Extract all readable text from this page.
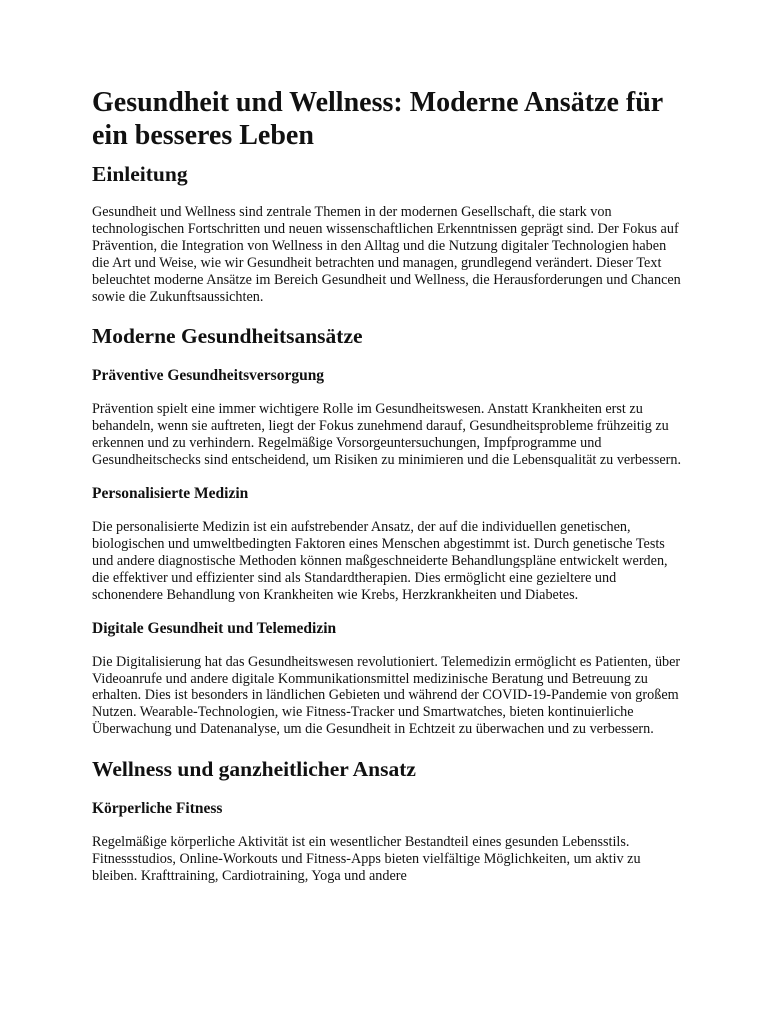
Gesundheit und Wellness: Moderne Ansätze für ein besseres Leben
Einleitung

Gesundheit und Wellness sind zentrale Themen in der modernen Gesellschaft, die stark von technologischen Fortschritten und neuen wissenschaftlichen Erkenntnissen geprägt sind. Der Fokus auf Prävention, die Integration von Wellness in den Alltag und die Nutzung digitaler Technologien haben die Art und Weise, wie wir Gesundheit betrachten und managen, grundlegend verändert. Dieser Text beleuchtet moderne Ansätze im Bereich Gesundheit und Wellness, die Herausforderungen und Chancen sowie die Zukunftsaussichten.

Moderne Gesundheitsansätze
Präventive Gesundheitsversorgung

Prävention spielt eine immer wichtigere Rolle im Gesundheitswesen. Anstatt Krankheiten erst zu behandeln, wenn sie auftreten, liegt der Fokus zunehmend darauf, Gesundheitsprobleme frühzeitig zu erkennen und zu verhindern. Regelmäßige Vorsorgeuntersuchungen, Impfprogramme und Gesundheitschecks sind entscheidend, um Risiken zu minimieren und die Lebensqualität zu verbessern.

Personalisierte Medizin

Die personalisierte Medizin ist ein aufstrebender Ansatz, der auf die individuellen genetischen, biologischen und umweltbedingten Faktoren eines Menschen abgestimmt ist. Durch genetische Tests und andere diagnostische Methoden können maßgeschneiderte Behandlungspläne entwickelt werden, die effektiver und effizienter sind als Standardtherapien. Dies ermöglicht eine gezieltere und schonendere Behandlung von Krankheiten wie Krebs, Herzkrankheiten und Diabetes.

Digitale Gesundheit und Telemedizin

Die Digitalisierung hat das Gesundheitswesen revolutioniert. Telemedizin ermöglicht es Patienten, über Videoanrufe und andere digitale Kommunikationsmittel medizinische Beratung und Betreuung zu erhalten. Dies ist besonders in ländlichen Gebieten und während der COVID-19-Pandemie von großem Nutzen. Wearable-Technologien, wie Fitness-Tracker und Smartwatches, bieten kontinuierliche Überwachung und Datenanalyse, um die Gesundheit in Echtzeit zu überwachen und zu verbessern.

Wellness und ganzheitlicher Ansatz
Körperliche Fitness

Regelmäßige körperliche Aktivität ist ein wesentlicher Bestandteil eines gesunden Lebensstils. Fitnessstudios, Online-Workouts und Fitness-Apps bieten vielfältige Möglichkeiten, um aktiv zu bleiben. Krafttraining, Cardiotraining, Yoga und andere
